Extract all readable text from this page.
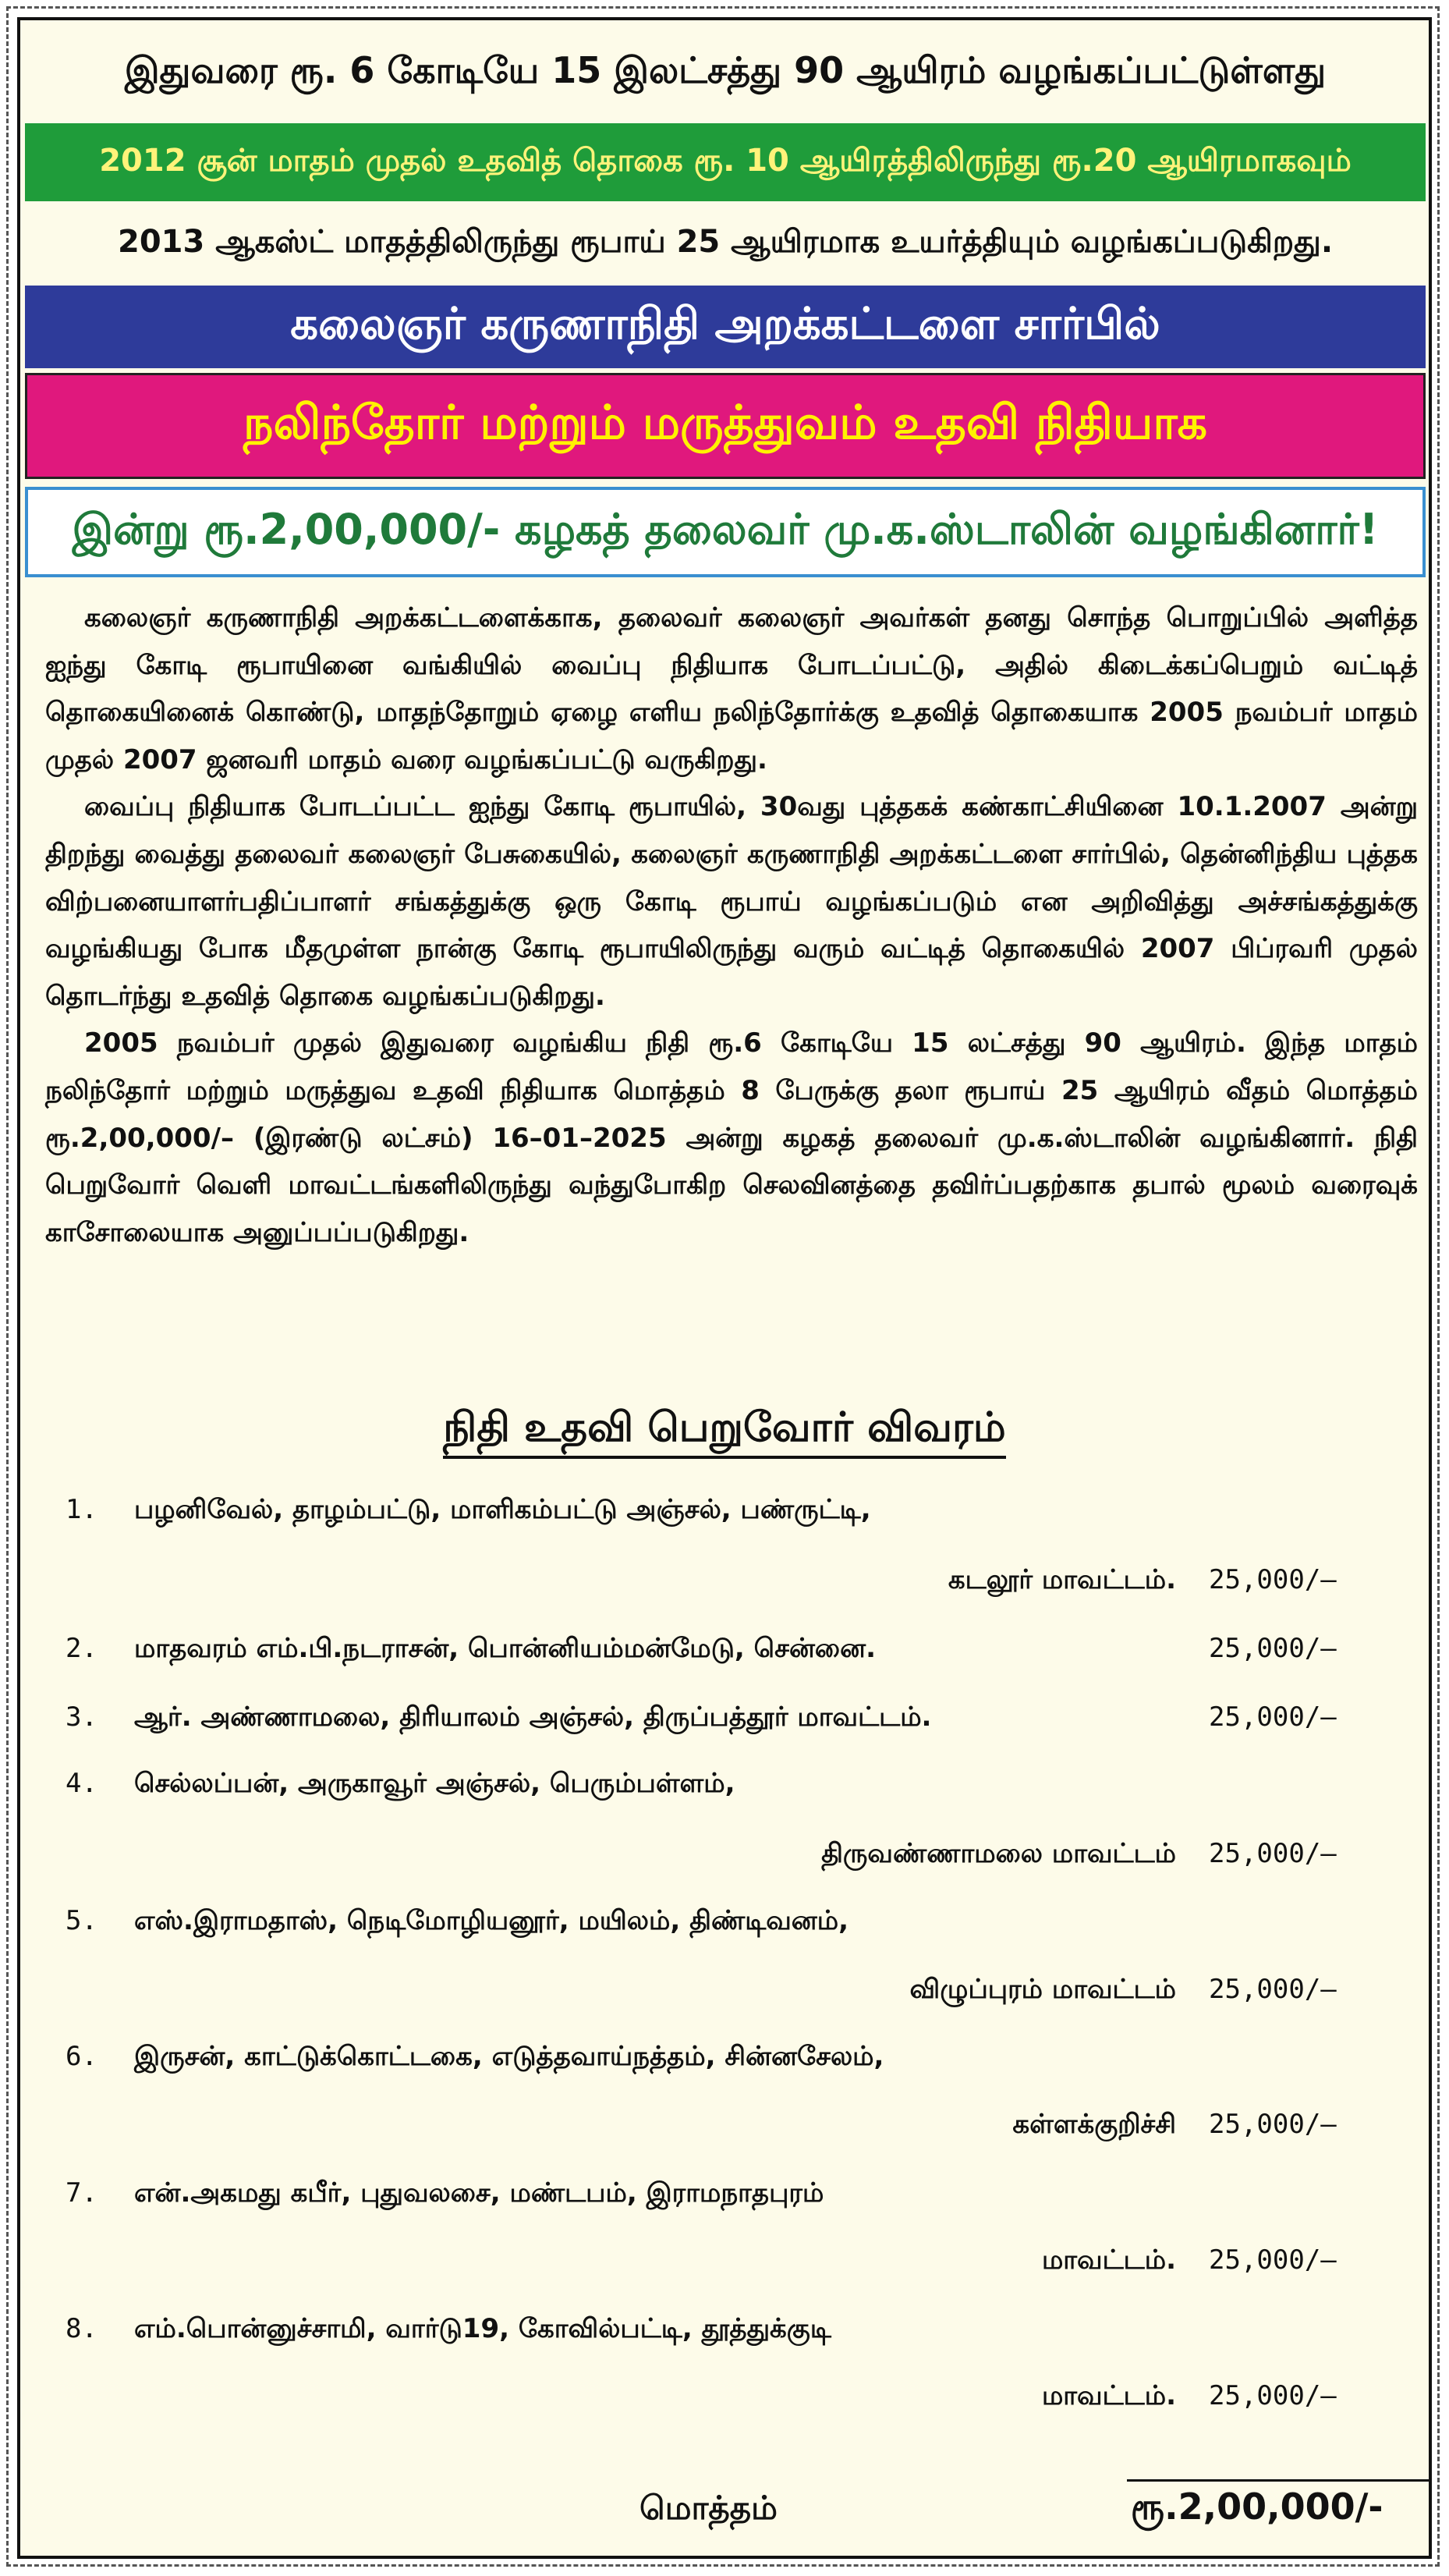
இதுவரை ரூ. 6 கோடியே 15 இலட்சத்து 90 ஆயிரம் வழங்கப்பட்டுள்ளது
2012 சூன் மாதம் முதல் உதவித் தொகை ரூ. 10 ஆயிரத்திலிருந்து ரூ.20 ஆயிரமாகவும்
2013 ஆகஸ்ட் மாதத்திலிருந்து ரூபாய் 25 ஆயிரமாக உயர்த்தியும் வழங்கப்படுகிறது.
கலைஞர் கருணாநிதி அறக்கட்டளை சார்பில்
நலிந்தோர் மற்றும் மருத்துவம் உதவி நிதியாக
இன்று ரூ.2,00,000/- கழகத் தலைவர் மு.க.ஸ்டாலின் வழங்கினார்!

கலைஞர் கருணாநிதி அறக்கட்டளைக்காக, தலைவர் கலைஞர் அவர்கள் தனது சொந்த பொறுப்பில் அளித்த ஐந்து கோடி ரூபாயினை வங்கியில் வைப்பு நிதியாக போடப்பட்டு, அதில் கிடைக்கப்பெறும் வட்டித் தொகையினைக் கொண்டு, மாதந்தோறும் ஏழை எளிய நலிந்தோர்க்கு உதவித் தொகையாக 2005 நவம்பர் மாதம் முதல் 2007 ஜனவரி மாதம் வரை வழங்கப்பட்டு வருகிறது.

வைப்பு நிதியாக போடப்பட்ட ஐந்து கோடி ரூபாயில், 30வது புத்தகக் கண்காட்சியினை 10.1.2007 அன்று திறந்து வைத்து தலைவர் கலைஞர் பேசுகையில், கலைஞர் கருணாநிதி அறக்கட்டளை சார்பில், தென்னிந்திய புத்தக விற்பனையாளர்பதிப்பாளர் சங்கத்துக்கு ஒரு கோடி ரூபாய் வழங்கப்படும் என அறிவித்து அச்சங்கத்துக்கு வழங்கியது போக மீதமுள்ள நான்கு கோடி ரூபாயிலிருந்து வரும் வட்டித் தொகையில் 2007 பிப்ரவரி முதல் தொடர்ந்து உதவித் தொகை வழங்கப்படுகிறது.

2005 நவம்பர் முதல் இதுவரை வழங்கிய நிதி ரூ.6 கோடியே 15 லட்சத்து 90 ஆயிரம். இந்த மாதம் நலிந்தோர் மற்றும் மருத்துவ உதவி நிதியாக மொத்தம் 8 பேருக்கு தலா ரூபாய் 25 ஆயிரம் வீதம் மொத்தம் ரூ.2,00,000/– (இரண்டு லட்சம்) 16–01–2025 அன்று கழகத் தலைவர் மு.க.ஸ்டாலின் வழங்கினார். நிதி பெறுவோர் வெளி மாவட்டங்களிலிருந்து வந்துபோகிற செலவினத்தை தவிர்ப்பதற்காக தபால் மூலம் வரைவுக் காசோலையாக அனுப்பப்படுகிறது.

நிதி உதவி பெறுவோர் விவரம்
1.	பழனிவேல், தாழம்பட்டு, மாளிகம்பட்டு அஞ்சல், பண்ருட்டி,
கடலூர் மாவட்டம். 25,000/–
2.	மாதவரம் எம்.பி.நடராசன், பொன்னியம்மன்மேடு, சென்னை.	25,000/–
3.	ஆர். அண்ணாமலை, திரியாலம் அஞ்சல், திருப்பத்தூர் மாவட்டம்.	25,000/–
4.	செல்லப்பன், அருகாவூர் அஞ்சல், பெரும்பள்ளம்,
திருவண்ணாமலை மாவட்டம் 25,000/–
5.	எஸ்.இராமதாஸ், நெடிமோழியனூர், மயிலம், திண்டிவனம்,
விழுப்புரம் மாவட்டம் 25,000/–
6.	இருசன், காட்டுக்கொட்டகை, எடுத்தவாய்நத்தம், சின்னசேலம்,
கள்ளக்குறிச்சி 25,000/–
7.	என்.அகமது கபீர், புதுவலசை, மண்டபம், இராமநாதபுரம்
மாவட்டம். 25,000/–
8.	எம்.பொன்னுச்சாமி, வார்டு19, கோவில்பட்டி, தூத்துக்குடி
மாவட்டம். 25,000/–
மொத்தம்	ரூ.2,00,000/-
